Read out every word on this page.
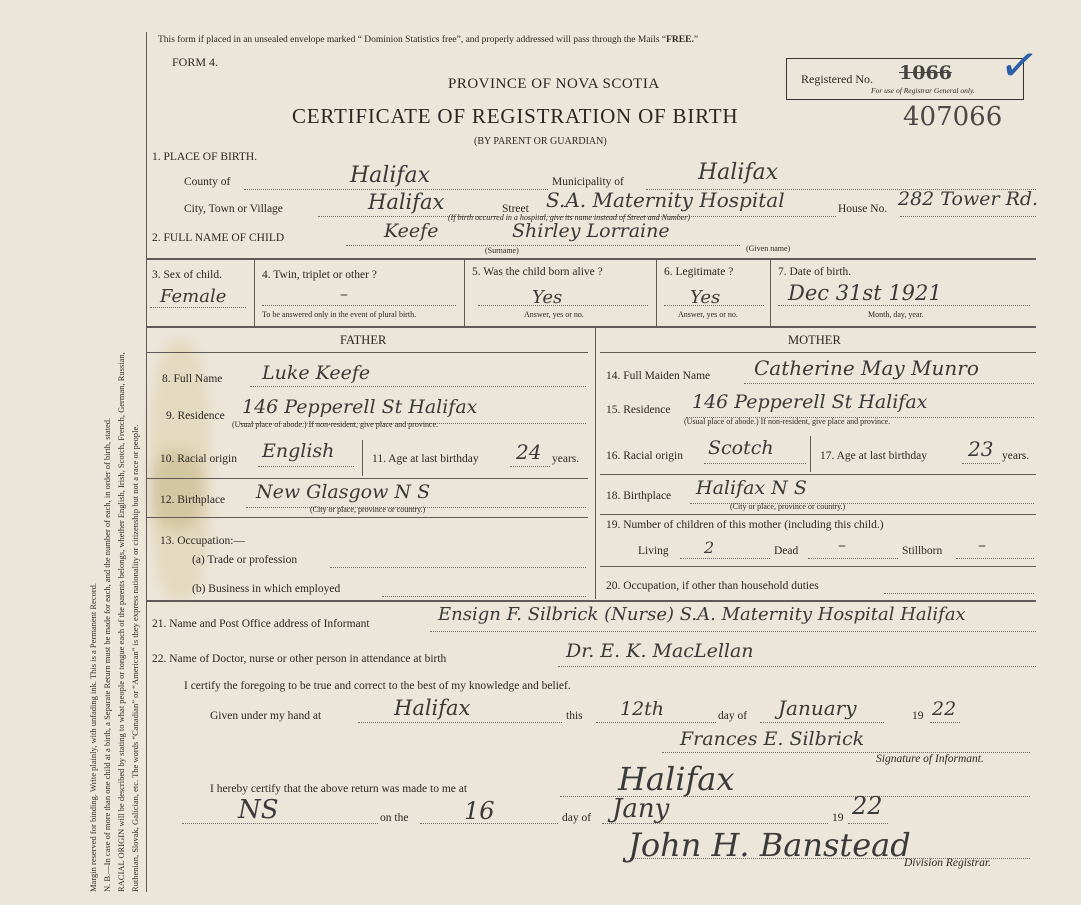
Margin reserved for binding. Write plainly, with unfading ink. This is a Permanent Record. N. B.—In case of more than one child at a birth, a Separate Return must be made for each, and the number of each, in order of birth, stated. RACIAL ORIGIN will be described by stating to what people or tongue each of the parents belongs, whether English, Irish, Scotch, French, German, Russian, Ruthenian, Slovak, Galician, etc. The words “Canadian” or “American” is they express nationality or citizenship but not a race or people.
This form if placed in an unsealed envelope marked “ Dominion Statistics free”, and properly addressed will pass through the Mails “FREE.”
FORM 4.
PROVINCE OF NOVA SCOTIA	Registered No. 1066
For use of Registrar General only. ✓
CERTIFICATE OF REGISTRATION OF BIRTH	407066
(BY PARENT OR GUARDIAN)
1. PLACE OF BIRTH.
County of	Halifax	Municipality of	Halifax
City, Town or Village	Halifax	Street S.A. Maternity Hospital
(If birth occurred in a hospital, give its name instead of Street and Number)
House No. 282 Tower Rd.
2. FULL NAME OF CHILD	Keefe	Shirley Lorraine
(Surname)	(Given name)
3. Sex of child.
Female
4. Twin, triplet or other ?
–
To be answered only in the event of plural birth.
5. Was the child born alive ?
Yes
Answer, yes or no.
6. Legitimate ?
Yes
Answer, yes or no.
7. Date of birth.
Dec 31st 1921
Month, day, year.
FATHER	MOTHER
8. Full Name Luke Keefe
9. Residence 146 Pepperell St Halifax
(Usual place of abode.) If non-resident, give place and province.
10. Racial origin English	11. Age at last birthday 24 years.
12. Birthplace New Glasgow N S
(City or place, province or country.)
13. Occupation:—
(a) Trade or profession
(b) Business in which employed
14. Full Maiden Name Catherine May Munro
15. Residence 146 Pepperell St Halifax
(Usual place of abode.) If non-resident, give place and province.
16. Racial origin Scotch	17. Age at last birthday 23 years.
18. Birthplace Halifax N S
(City or place, province or country.)
19. Number of children of this mother (including this child.)
Living 2	Dead –	Stillborn –
20. Occupation, if other than household duties
21. Name and Post Office address of Informant	Ensign F. Silbrick (Nurse) S.A. Maternity Hospital Halifax
22. Name of Doctor, nurse or other person in attendance at birth	Dr. E. K. MacLellan
I certify the foregoing to be true and correct to the best of my knowledge and belief.
Given under my hand at	Halifax	this 12th	day of January	19 22
Frances E. Silbrick
Signature of Informant.
I hereby certify that the above return was made to me at	Halifax
NS	on the 16	day of Jany	19 22
John H. Banstead
Division Registrar.
